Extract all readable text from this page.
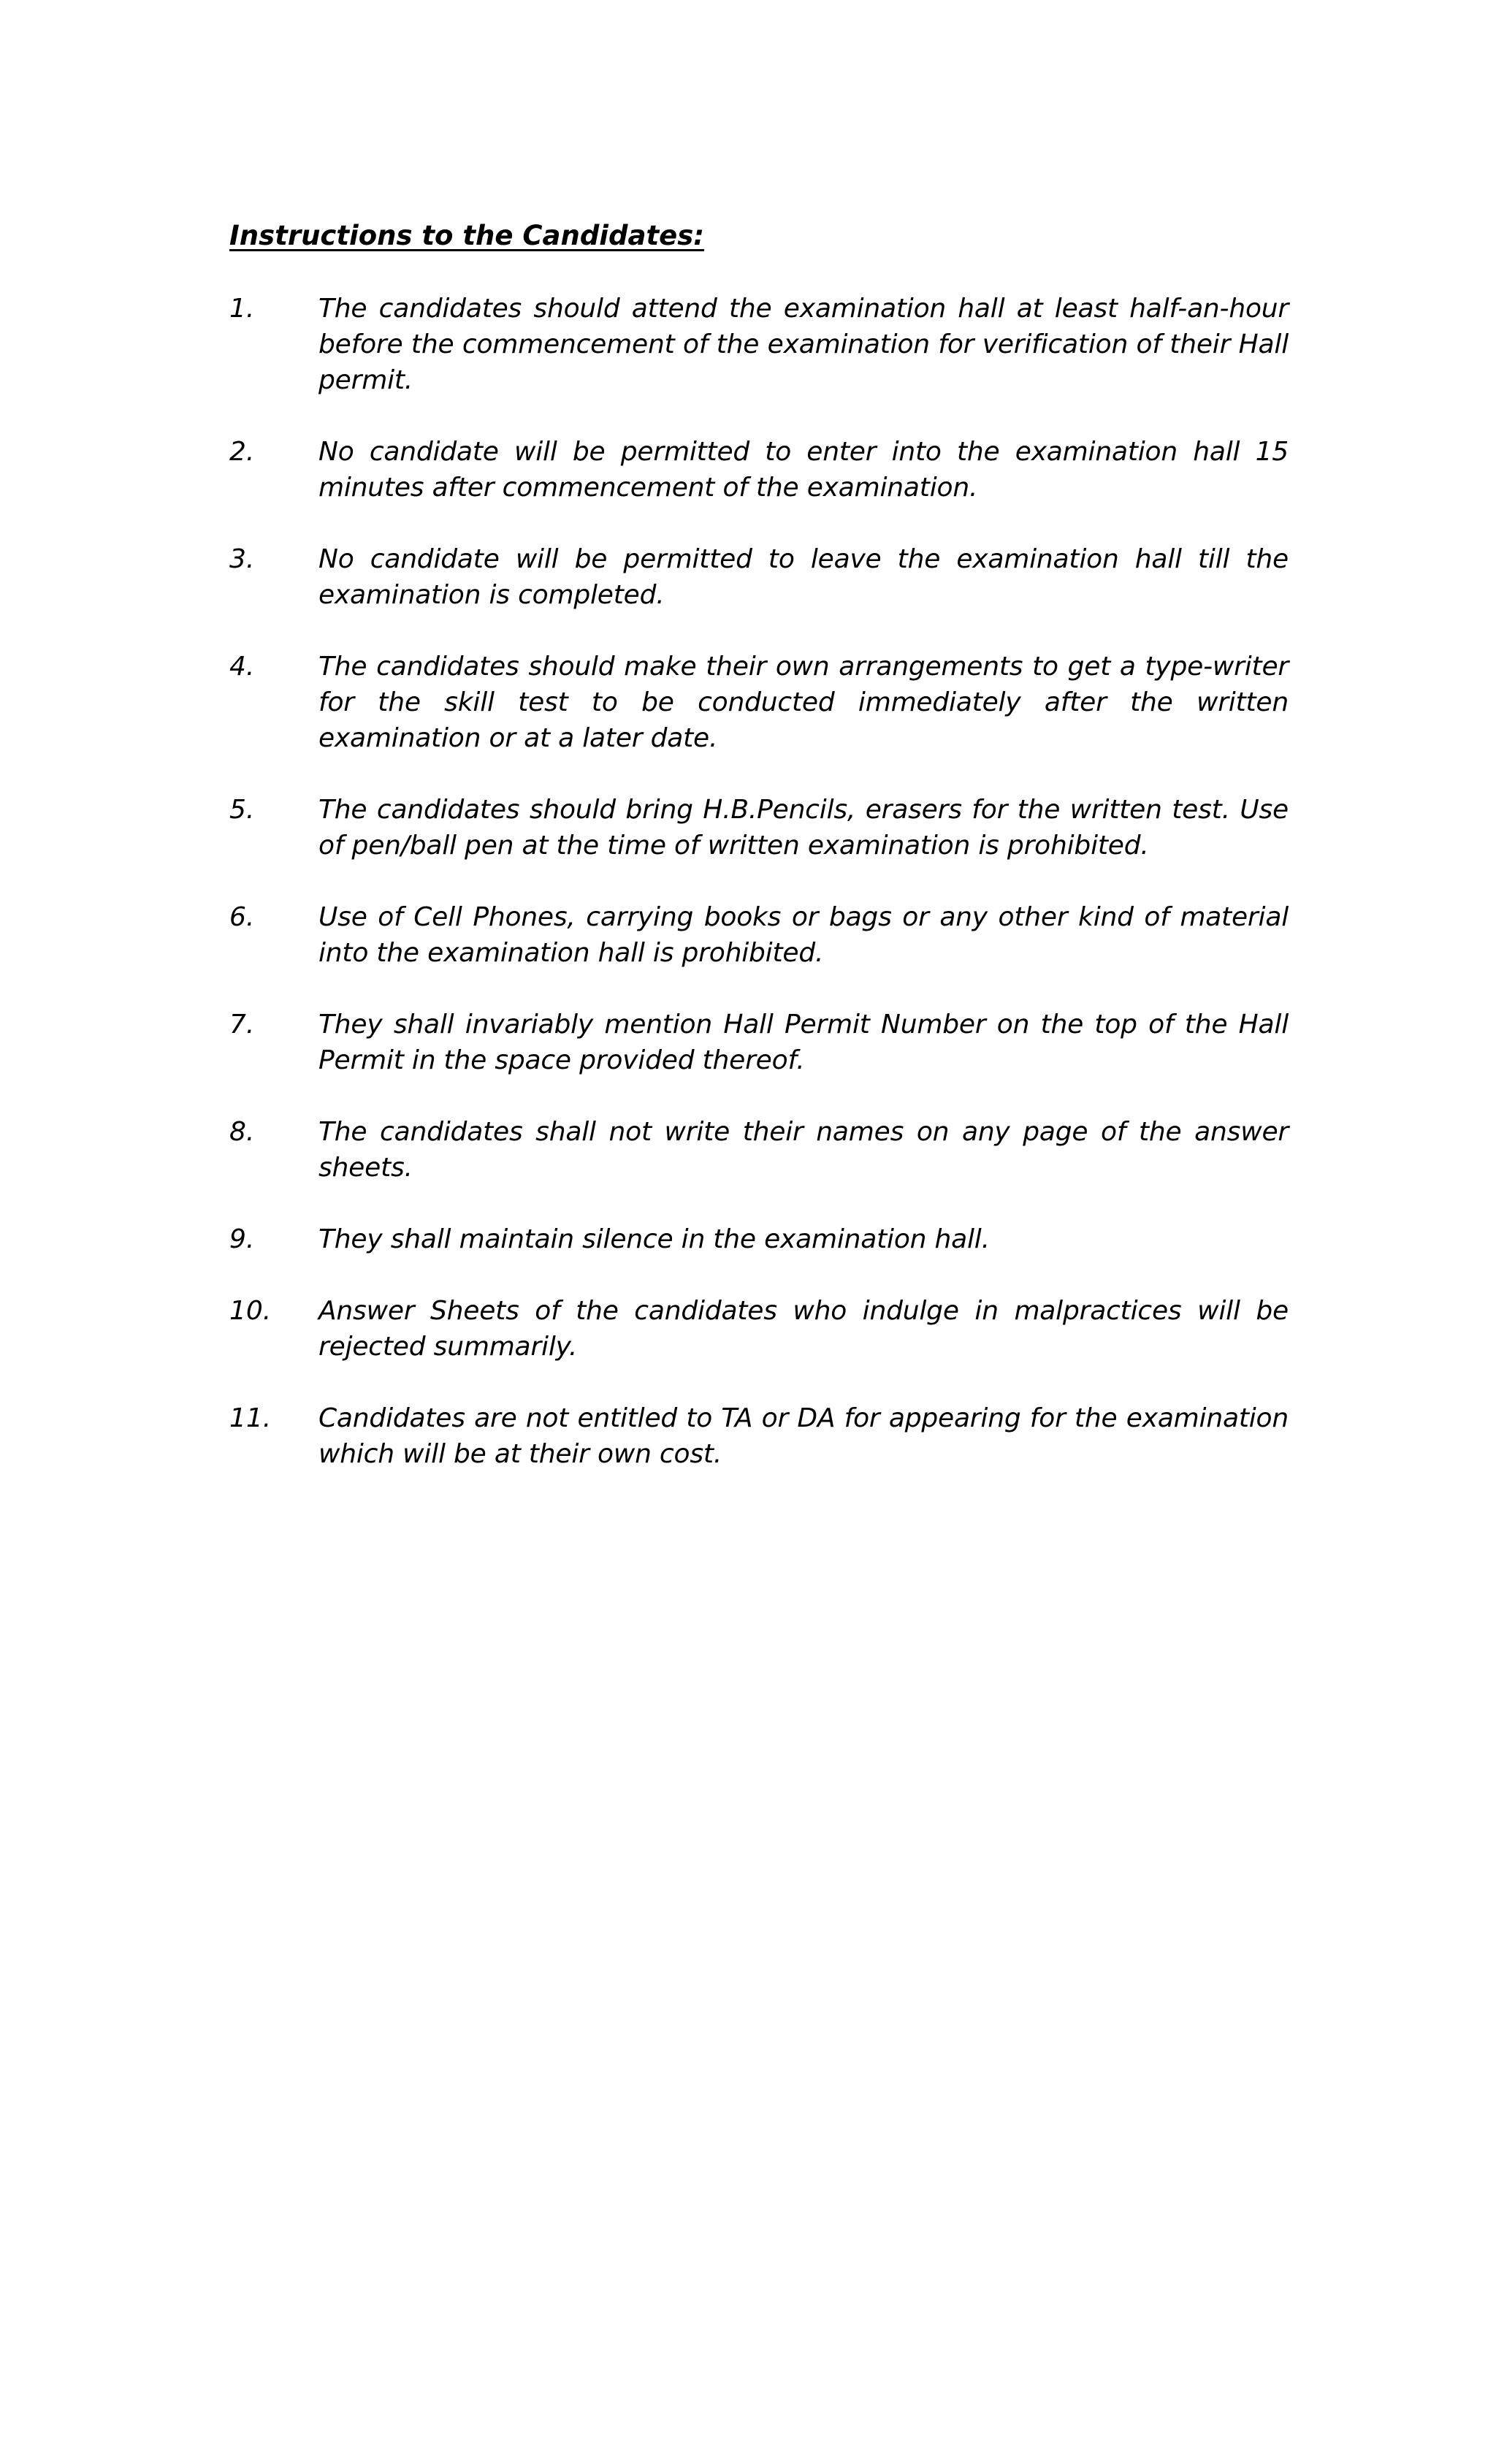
Instructions to the Candidates:
1. The candidates should attend the examination hall at least half-an-hour before the commencement of the examination for verification of their Hall permit.
2. No candidate will be permitted to enter into the examination hall 15 minutes after commencement of the examination.
3. No candidate will be permitted to leave the examination hall till the examination is completed.
4. The candidates should make their own arrangements to get a type-writer for the skill test to be conducted immediately after the written examination or at a later date.
5. The candidates should bring H.B.Pencils, erasers for the written test. Use of pen/ball pen at the time of written examination is prohibited.
6. Use of Cell Phones, carrying books or bags or any other kind of material into the examination hall is prohibited.
7. They shall invariably mention Hall Permit Number on the top of the Hall Permit in the space provided thereof.
8. The candidates shall not write their names on any page of the answer sheets.
9. They shall maintain silence in the examination hall.
10. Answer Sheets of the candidates who indulge in malpractices will be rejected summarily.
11. Candidates are not entitled to TA or DA for appearing for the examination which will be at their own cost.
